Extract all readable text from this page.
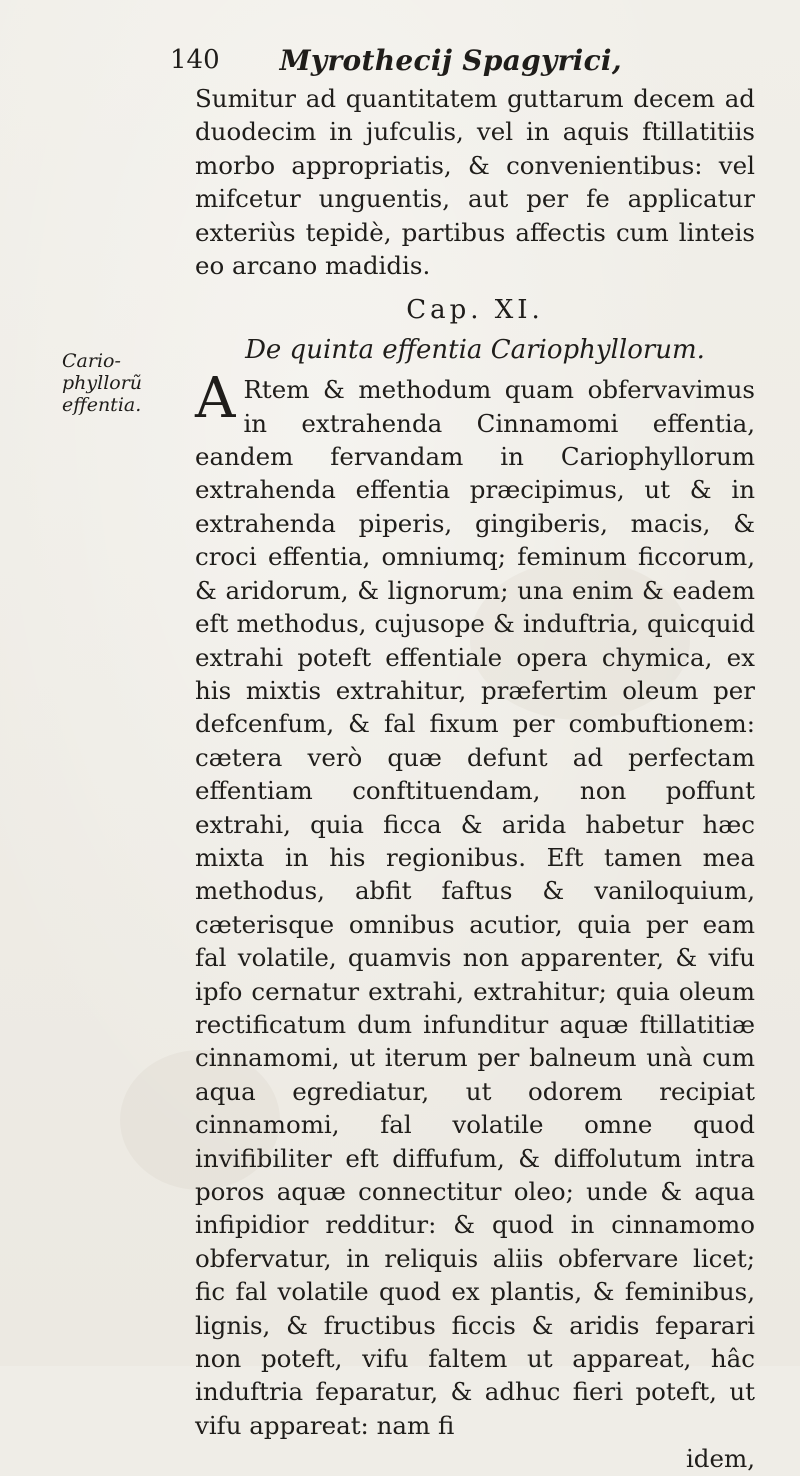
140 Myrothecij Spagyrici,
Cario-
phyllorũ
effentia.

Sumitur ad quantitatem guttarum decem ad duodecim in jufculis, vel in aquis ftillatitiis morbo appropriatis, & convenientibus: vel mifcetur unguentis, aut per fe applicatur exteriùs tepidè, partibus affectis cum linteis eo arcano madidis.

Cap. XI.
De quinta effentia Cariophyllorum.

A Rtem & methodum quam obfervavimus in extrahenda Cinnamomi effentia, eandem fervandam in Cariophyllorum extrahenda effentia præcipimus, ut & in extrahenda piperis, gingiberis, macis, & croci effentia, omniumq; feminum ficcorum, & aridorum, & lignorum; una enim & eadem eft methodus, cujusope & induftria, quicquid extrahi poteft effentiale opera chymica, ex his mixtis extrahitur, præfertim oleum per defcenfum, & fal fixum per combuftionem: cætera verò quæ defunt ad perfectam effentiam conftituendam, non poffunt extrahi, quia ficca & arida habetur hæc mixta in his regionibus. Eft tamen mea methodus, abfit faftus & vaniloquium, cæterisque omnibus acutior, quia per eam fal volatile, quamvis non apparenter, & vifu ipfo cernatur extrahi, extrahitur; quia oleum rectificatum dum infunditur aquæ ftillatitiæ cinnamomi, ut iterum per balneum unà cum aqua egrediatur, ut odorem recipiat cinnamomi, fal volatile omne quod invifibiliter eft diffufum, & diffolutum intra poros aquæ connectitur oleo; unde & aqua infipidior redditur: & quod in cinnamomo obfervatur, in reliquis aliis obfervare licet; fic fal volatile quod ex plantis, & feminibus, lignis, & fructibus ficcis & aridis feparari non poteft, vifu faltem ut appareat, hâc induftria feparatur, & adhuc fieri poteft, ut vifu appareat: nam fi

idem,
